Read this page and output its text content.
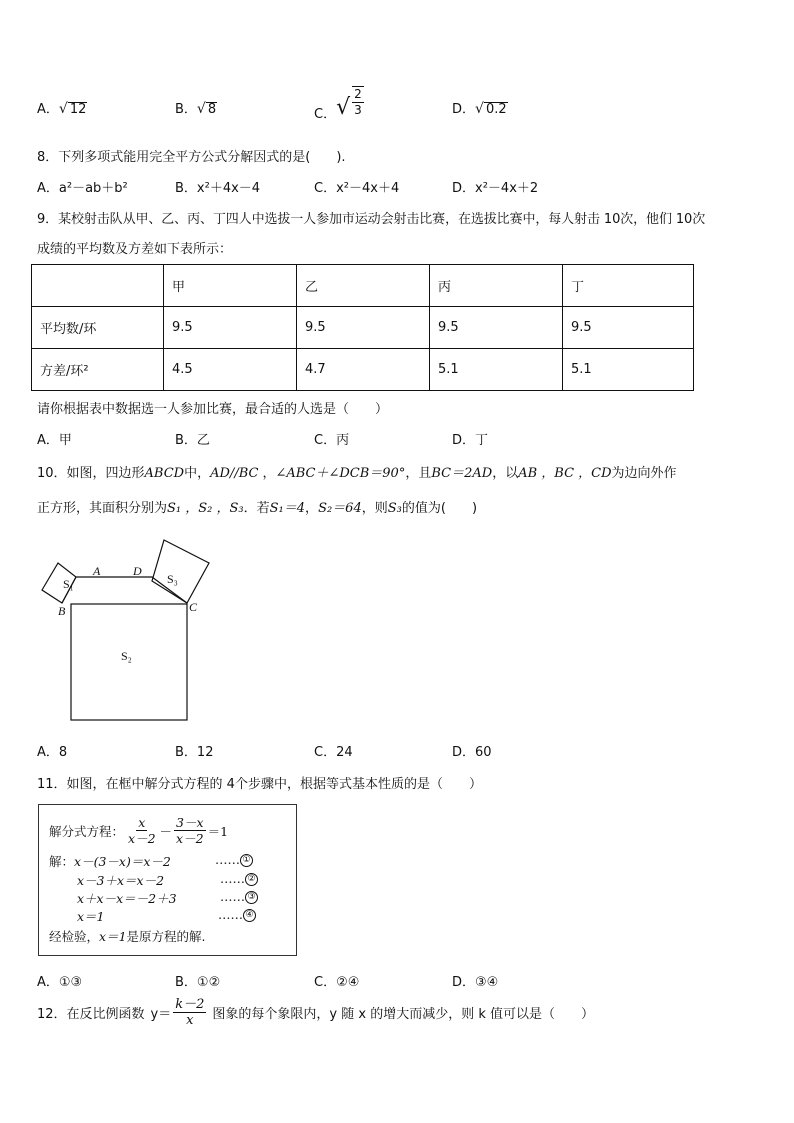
A．√ 12	B．√ 8	C．√ $\frac{2}{3}$	D．√ 0.2
8．下列多项式能用完全平方公式分解因式的是(　　).
A．a²－ab＋b²	B．x²＋4x－4	C．x²－4x＋4	D．x²－4x＋2
9．某校射击队从甲、乙、丙、丁四人中选拔一人参加市运动会射击比赛，在选拔比赛中，每人射击 10次，他们 10次
成绩的平均数及方差如下表所示：
	甲	乙	丙	丁
平均数/环	9.5	9.5	9.5	9.5
方差/环²	4.5	4.7	5.1	5.1
请你根据表中数据选一人参加比赛，最合适的人选是（　　）
A．甲	B．乙	C．丙	D．丁
10．如图，四边形ABCD中，AD//BC ，∠ABC＋∠DCB＝90°，且BC＝2AD，以AB ，BC ，CD为边向外作
正方形，其面积分别为S₁ ，S₂ ，S₃．若S₁＝4，S₂＝64，则S₃的值为(　　)
A	D
B	C
S₁	S₃
S₂
A．8	B．12	C．24	D．60
11．如图，在框中解分式方程的 4个步骤中，根据等式基本性质的是（　　）
解分式方程： $\frac{x}{x-2} - \frac{3-x}{x-2} =1$
解：x－(3－x)＝x－2	…… ①
x－3＋x＝x－2	…… ②
x＋x－x＝－2＋3	…… ③
x＝1	…… ④
经检验，x＝1是原方程的解.
A．①③	B．①②	C．②④	D．③④
12．在反比例函数 $y= \frac{k-2}{x}$ 图象的每个象限内，y 随 x 的增大而减少，则 k 值可以是（　　）
